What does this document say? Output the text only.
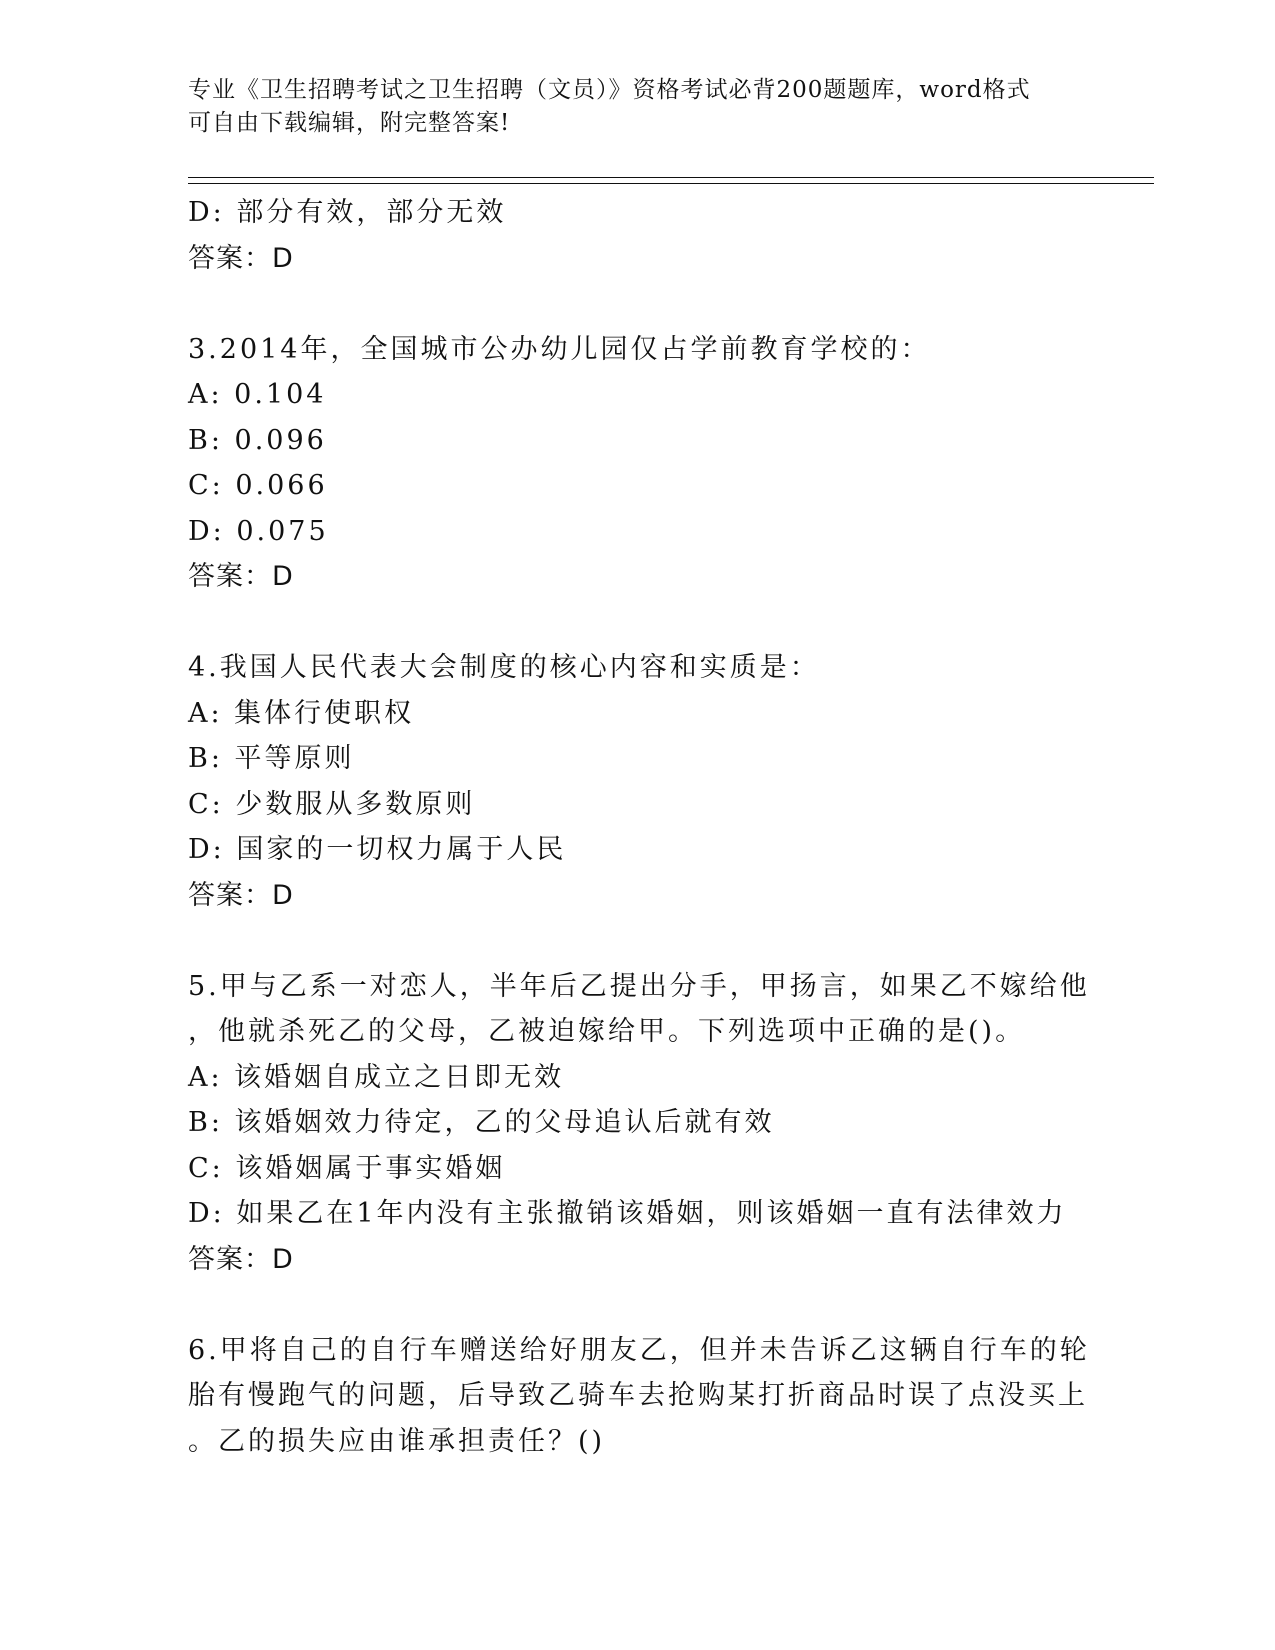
专业《卫生招聘考试之卫生招聘（文员）》资格考试必背200题题库，word格式
可自由下载编辑，附完整答案!
D: 部分有效，部分无效
答案：D
3.2014年，全国城市公办幼儿园仅占学前教育学校的：
A: 0.104
B: 0.096
C: 0.066
D: 0.075
答案：D
4.我国人民代表大会制度的核心内容和实质是：
A: 集体行使职权
B: 平等原则
C: 少数服从多数原则
D: 国家的一切权力属于人民
答案：D
5.甲与乙系一对恋人，半年后乙提出分手，甲扬言，如果乙不嫁给他
，他就杀死乙的父母，乙被迫嫁给甲。下列选项中正确的是()。
A: 该婚姻自成立之日即无效
B: 该婚姻效力待定，乙的父母追认后就有效
C: 该婚姻属于事实婚姻
D: 如果乙在1年内没有主张撤销该婚姻，则该婚姻一直有法律效力
答案：D
6.甲将自己的自行车赠送给好朋友乙，但并未告诉乙这辆自行车的轮
胎有慢跑气的问题，后导致乙骑车去抢购某打折商品时误了点没买上
。乙的损失应由谁承担责任？()
